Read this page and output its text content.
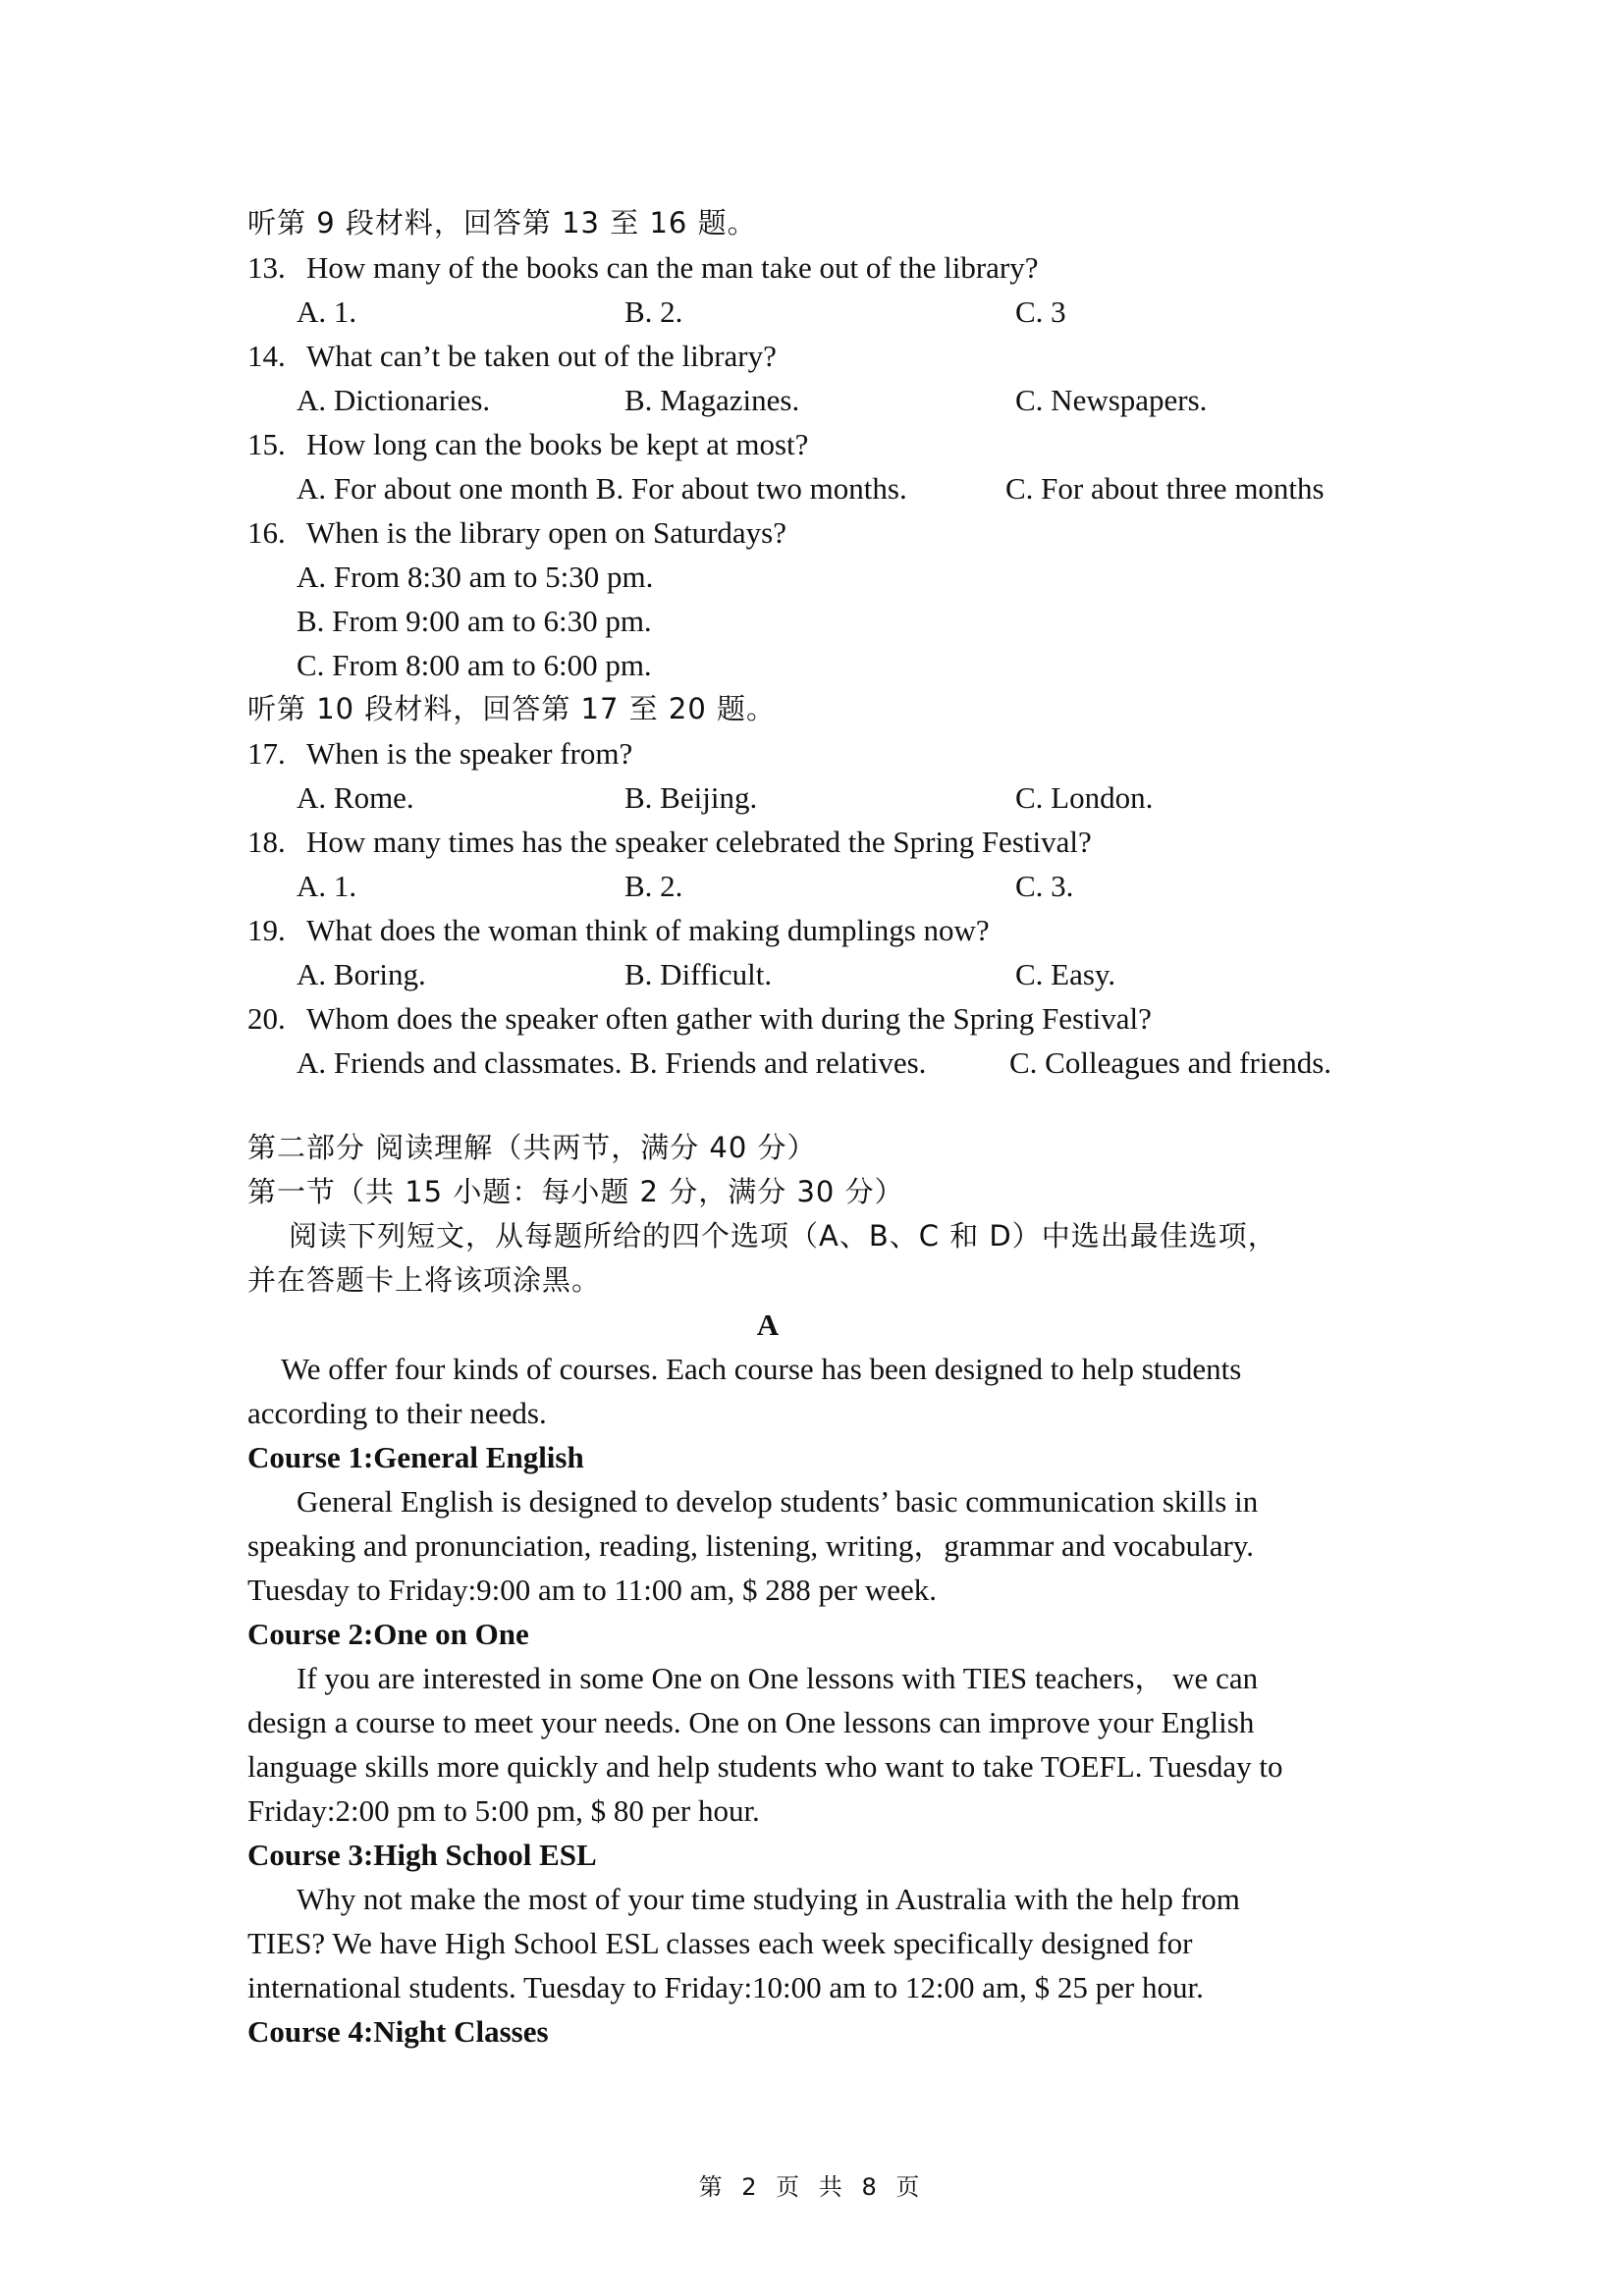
听第 9 段材料，回答第 13 至 16 题。
13. How many of the books can the man take out of the library?
A. 1.	B. 2.	C. 3
14. What can’t be taken out of the library?
A. Dictionaries.	B. Magazines.	C. Newspapers.
15. How long can the books be kept at most?
A. For about one month B. For about two months.	C. For about three months
16. When is the library open on Saturdays?
A. From 8:30 am to 5:30 pm.
B. From 9:00 am to 6:30 pm.
C. From 8:00 am to 6:00 pm.
听第 10 段材料，回答第 17 至 20 题。
17. When is the speaker from?
A. Rome.	B. Beijing.	C. London.
18. How many times has the speaker celebrated the Spring Festival?
A. 1.	B. 2.	C. 3.
19. What does the woman think of making dumplings now?
A. Boring.	B. Difficult.	C. Easy.
20. Whom does the speaker often gather with during the Spring Festival?
A. Friends and classmates. B. Friends and relatives.	C. Colleagues and friends.
第二部分 阅读理解（共两节，满分 40 分）
第一节（共 15 小题：每小题 2 分，满分 30 分）
阅读下列短文，从每题所给的四个选项（A、B、C 和 D）中选出最佳选项，
并在答题卡上将该项涂黑。
A
We offer four kinds of courses. Each course has been designed to help students
according to their needs.
Course 1:General English
General English is designed to develop students’ basic communication skills in
speaking and pronunciation, reading, listening, writing，grammar and vocabulary.
Tuesday to Friday:9:00 am to 11:00 am, $ 288 per week.
Course 2:One on One
If you are interested in some One on One lessons with TIES teachers， we can
design a course to meet your needs. One on One lessons can improve your English
language skills more quickly and help students who want to take TOEFL. Tuesday to
Friday:2:00 pm to 5:00 pm, $ 80 per hour.
Course 3:High School ESL
Why not make the most of your time studying in Australia with the help from
TIES? We have High School ESL classes each week specifically designed for
international students. Tuesday to Friday:10:00 am to 12:00 am, $ 25 per hour.
Course 4:Night Classes
第 2 页 共 8 页
